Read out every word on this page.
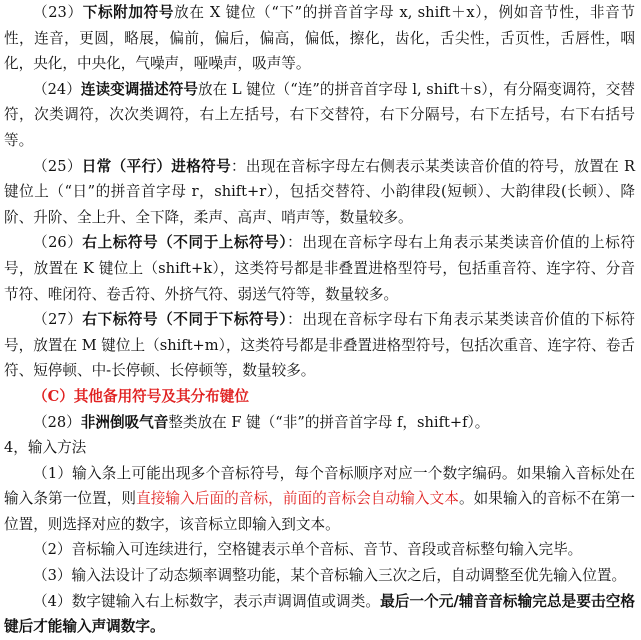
（23）下标附加符号放在 X 键位（“下”的拼音首字母 x, shift＋x），例如音节性，非音节性，连音，更圆，略展，偏前，偏后，偏高，偏低，擦化，齿化，舌尖性，舌页性，舌唇性，咽化，央化，中央化，气噪声，哑噪声，吸声等。

（24）连读变调描述符号放在 L 键位（“连”的拼音首字母 l, shift＋s），有分隔变调符，交替符，次类调符，次次类调符，右上左括号，右下交替符，右下分隔号，右下左括号，右下右括号等。

（25）日常（平行）进格符号：出现在音标字母左右侧表示某类读音价值的符号，放置在 R 键位上（“日”的拼音首字母 r，shift+r），包括交替符、小韵律段(短顿）、大韵律段(长顿）、降阶、升阶、全上升、全下降，柔声、高声、哨声等，数量较多。

（26）右上标符号（不同于上标符号）：出现在音标字母右上角表示某类读音价值的上标符号，放置在 K 键位上（shift+k），这类符号都是非叠置进格型符号，包括重音符、连字符、分音节符、唯闭符、卷舌符、外挤气符、弱送气符等，数量较多。

（27）右下标符号（不同于下标符号）：出现在音标字母右下角表示某类读音价值的下标符号，放置在 M 键位上（shift+m），这类符号都是非叠置进格型符号，包括次重音、连字符、卷舌符、短停顿、中-长停顿、长停顿等，数量较多。

（C）其他备用符号及其分布键位

（28）非洲倒吸气音整类放在 F 键（“非”的拼音首字母 f，shift+f）。

4，输入方法

（1）输入条上可能出现多个音标符号，每个音标顺序对应一个数字编码。如果输入音标处在输入条第一位置，则直接输入后面的音标，前面的音标会自动输入文本。如果输入的音标不在第一位置，则选择对应的数字，该音标立即输入到文本。

（2）音标输入可连续进行，空格键表示单个音标、音节、音段或音标整句输入完毕。

（3）输入法设计了动态频率调整功能，某个音标输入三次之后，自动调整至优先输入位置。

（4）数字键输入右上标数字，表示声调调值或调类。最后一个元/辅音音标输完总是要击空格键后才能输入声调数字。
